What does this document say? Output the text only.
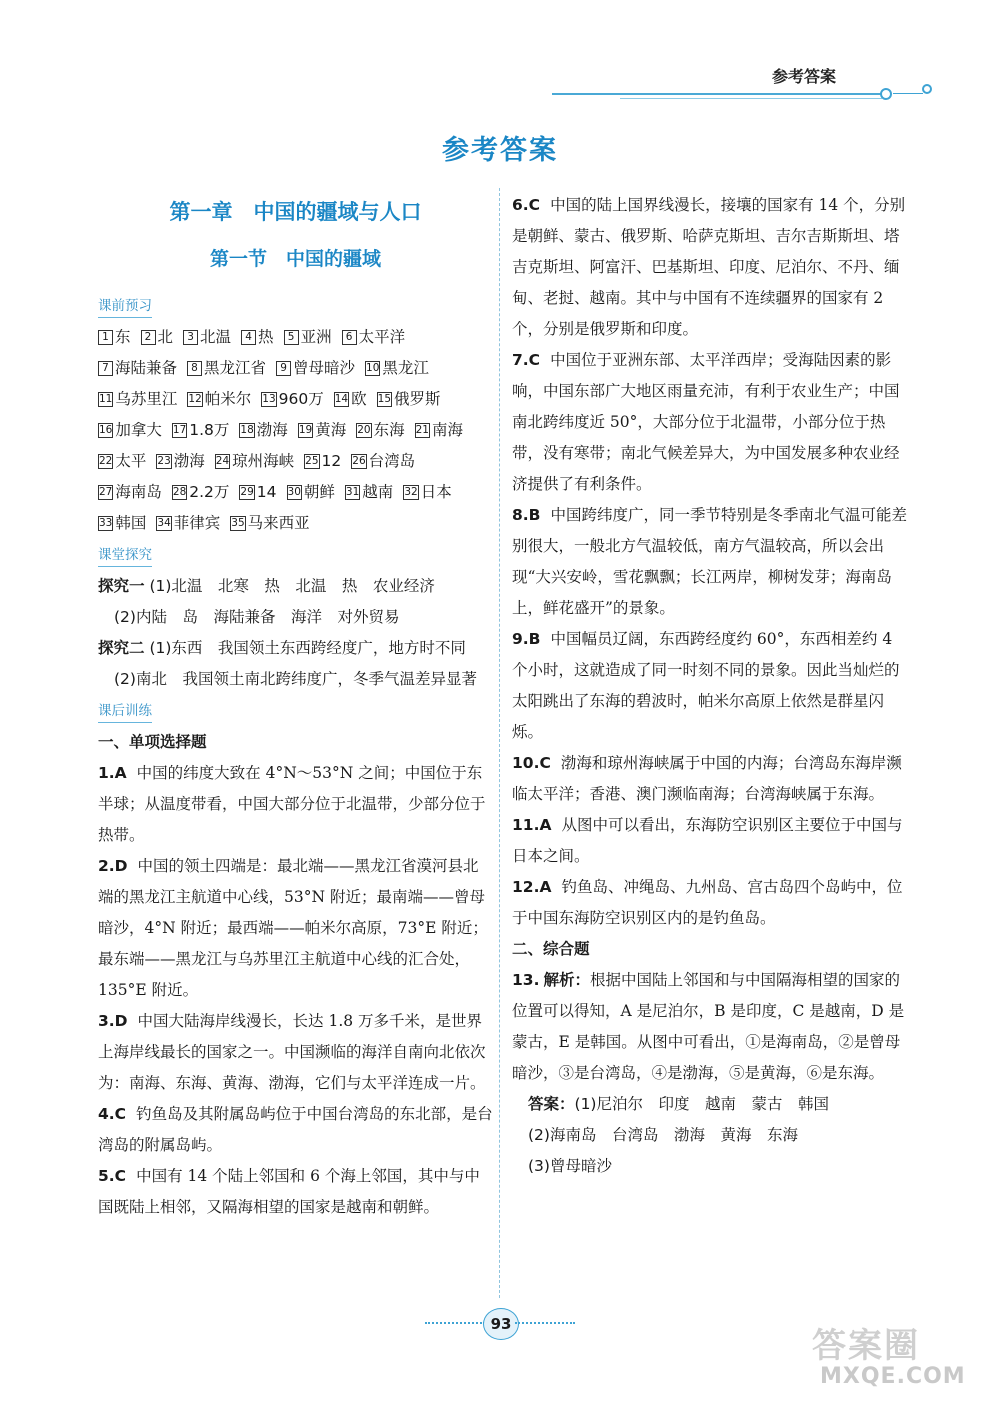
参考答案
参考答案
第一章　中国的疆域与人口
第一节　中国的疆域
课前预习
1 东 2 北 3 北温 4 热 5 亚洲 6 太平洋7 海陆兼备 8 黑龙江省 9 曾母暗沙 10 黑龙江11 乌苏里江 12 帕米尔 13 960万 14 欧 15 俄罗斯16 加拿大 17 1.8万 18 渤海 19 黄海 20 东海 21 南海22 太平 23 渤海 24 琼州海峡 25 12 26 台湾岛27 海南岛 28 2.2万 29 14 30 朝鲜 31 越南 32 日本33 韩国 34 菲律宾 35 马来西亚
课堂探究
探究一 (1)北温　北寒　热　北温　热　农业经济
(2)内陆　岛　海陆兼备　海洋　对外贸易
探究二 (1)东西　我国领土东西跨经度广，地方时不同
(2)南北　我国领土南北跨纬度广，冬季气温差异显著
课后训练
一、单项选择题
1.A 中国的纬度大致在 4°N～53°N 之间；中国位于东半球；从温度带看，中国大部分位于北温带，少部分位于热带。
2.D 中国的领土四端是：最北端——黑龙江省漠河县北端的黑龙江主航道中心线，53°N 附近；最南端——曾母暗沙，4°N 附近；最西端——帕米尔高原，73°E 附近；最东端——黑龙江与乌苏里江主航道中心线的汇合处，135°E 附近。
3.D 中国大陆海岸线漫长，长达 1.8 万多千米，是世界上海岸线最长的国家之一。中国濒临的海洋自南向北依次为：南海、东海、黄海、渤海，它们与太平洋连成一片。
4.C 钓鱼岛及其附属岛屿位于中国台湾岛的东北部，是台湾岛的附属岛屿。
5.C 中国有 14 个陆上邻国和 6 个海上邻国，其中与中国既陆上相邻，又隔海相望的国家是越南和朝鲜。
6.C 中国的陆上国界线漫长，接壤的国家有 14 个，分别是朝鲜、蒙古、俄罗斯、哈萨克斯坦、吉尔吉斯斯坦、塔吉克斯坦、阿富汗、巴基斯坦、印度、尼泊尔、不丹、缅甸、老挝、越南。其中与中国有不连续疆界的国家有 2 个，分别是俄罗斯和印度。
7.C 中国位于亚洲东部、太平洋西岸；受海陆因素的影响，中国东部广大地区雨量充沛，有利于农业生产；中国南北跨纬度近 50°，大部分位于北温带，小部分位于热带，没有寒带；南北气候差异大，为中国发展多种农业经济提供了有利条件。
8.B 中国跨纬度广，同一季节特别是冬季南北气温可能差别很大，一般北方气温较低，南方气温较高，所以会出现“大兴安岭，雪花飘飘；长江两岸，柳树发芽；海南岛上，鲜花盛开”的景象。
9.B 中国幅员辽阔，东西跨经度约 60°，东西相差约 4 个小时，这就造成了同一时刻不同的景象。因此当灿烂的太阳跳出了东海的碧波时，帕米尔高原上依然是群星闪烁。
10.C 渤海和琼州海峡属于中国的内海；台湾岛东海岸濒临太平洋；香港、澳门濒临南海；台湾海峡属于东海。
11.A 从图中可以看出，东海防空识别区主要位于中国与日本之间。
12.A 钓鱼岛、冲绳岛、九州岛、宫古岛四个岛屿中，位于中国东海防空识别区内的是钓鱼岛。
二、综合题
13. 解析：根据中国陆上邻国和与中国隔海相望的国家的位置可以得知，A 是尼泊尔，B 是印度，C 是越南，D 是蒙古，E 是韩国。从图中可看出，①是海南岛，②是曾母暗沙，③是台湾岛，④是渤海，⑤是黄海，⑥是东海。
答案：(1)尼泊尔　印度　越南　蒙古　韩国
(2)海南岛　台湾岛　渤海　黄海　东海
(3)曾母暗沙
93
答案圈
MXQE.COM
